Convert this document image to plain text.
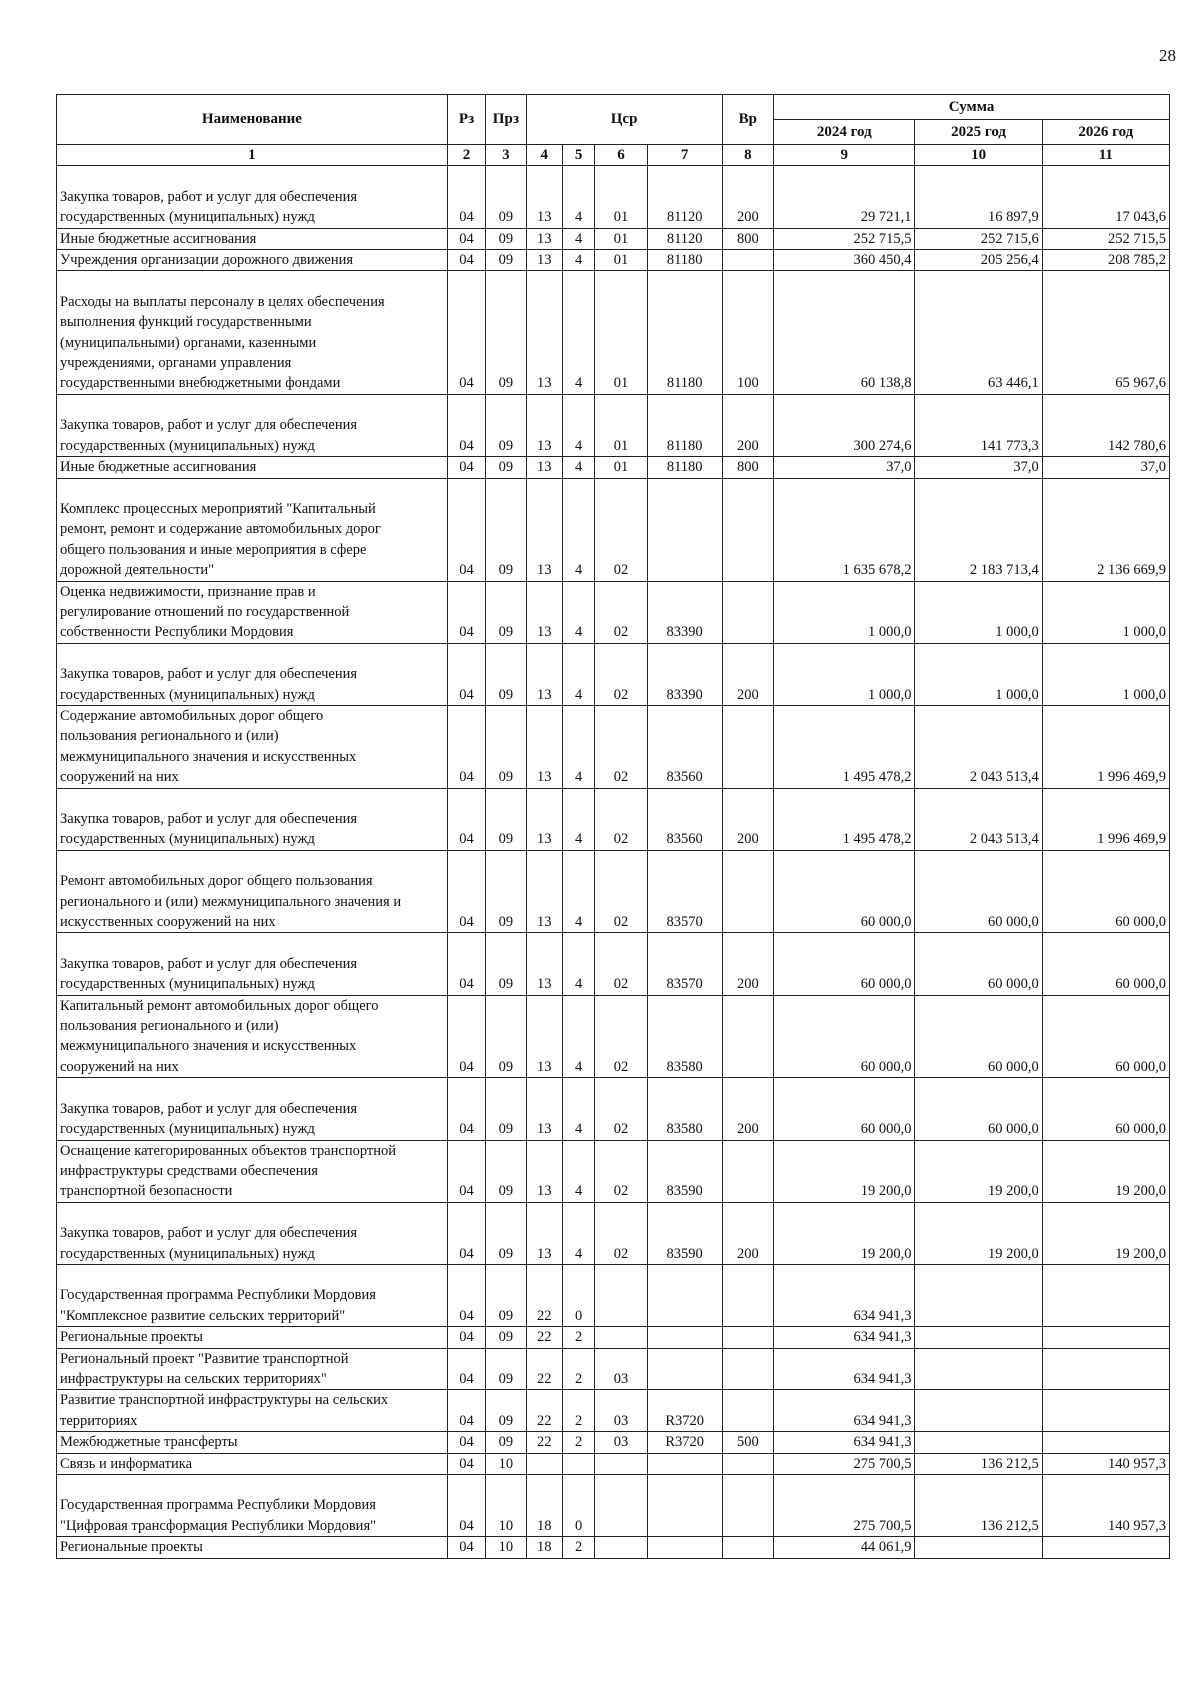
28
Наименование	Рз	Прз	Цср				Вр	Сумма		
								2024 год	2025 год	2026 год
1	2	3	4	5	6	7	8	9	10	11

Закупка товаров, работ и услуг для обеспечения
государственных (муниципальных) нужд	04	09	13	4	01	81120	200	29 721,1	16 897,9	17 043,6

Иные бюджетные ассигнования	04	09	13	4	01	81120	800	252 715,5	252 715,6	252 715,5

Учреждения организации дорожного движения	04	09	13	4	01	81180		360 450,4	205 256,4	208 785,2

Расходы на выплаты персоналу в целях обеспечения
выполнения функций государственными
(муниципальными) органами, казенными
учреждениями, органами управления
государственными внебюджетными фондами	04	09	13	4	01	81180	100	60 138,8	63 446,1	65 967,6

Закупка товаров, работ и услуг для обеспечения
государственных (муниципальных) нужд	04	09	13	4	01	81180	200	300 274,6	141 773,3	142 780,6

Иные бюджетные ассигнования	04	09	13	4	01	81180	800	37,0	37,0	37,0

Комплекс процессных мероприятий "Капитальный
ремонт, ремонт и содержание автомобильных дорог
общего пользования и иные мероприятия в сфере
дорожной деятельности"	04	09	13	4	02			1 635 678,2	2 183 713,4	2 136 669,9

Оценка недвижимости, признание прав и
регулирование отношений по государственной
собственности Республики Мордовия	04	09	13	4	02	83390		1 000,0	1 000,0	1 000,0

Закупка товаров, работ и услуг для обеспечения
государственных (муниципальных) нужд	04	09	13	4	02	83390	200	1 000,0	1 000,0	1 000,0

Содержание автомобильных дорог общего
пользования регионального и (или)
межмуниципального значения и искусственных
сооружений на них	04	09	13	4	02	83560		1 495 478,2	2 043 513,4	1 996 469,9

Закупка товаров, работ и услуг для обеспечения
государственных (муниципальных) нужд	04	09	13	4	02	83560	200	1 495 478,2	2 043 513,4	1 996 469,9

Ремонт автомобильных дорог общего пользования
регионального и (или) межмуниципального значения и
искусственных сооружений на них	04	09	13	4	02	83570		60 000,0	60 000,0	60 000,0

Закупка товаров, работ и услуг для обеспечения
государственных (муниципальных) нужд	04	09	13	4	02	83570	200	60 000,0	60 000,0	60 000,0

Капитальный ремонт автомобильных дорог общего
пользования регионального и (или)
межмуниципального значения и искусственных
сооружений на них	04	09	13	4	02	83580		60 000,0	60 000,0	60 000,0

Закупка товаров, работ и услуг для обеспечения
государственных (муниципальных) нужд	04	09	13	4	02	83580	200	60 000,0	60 000,0	60 000,0

Оснащение категорированных объектов транспортной
инфраструктуры средствами обеспечения
транспортной безопасности	04	09	13	4	02	83590		19 200,0	19 200,0	19 200,0

Закупка товаров, работ и услуг для обеспечения
государственных (муниципальных) нужд	04	09	13	4	02	83590	200	19 200,0	19 200,0	19 200,0

Государственная программа Республики Мордовия
"Комплексное развитие сельских территорий"	04	09	22	0				634 941,3		

Региональные проекты	04	09	22	2				634 941,3		

Региональный проект "Развитие транспортной
инфраструктуры на сельских территориях"	04	09	22	2	03			634 941,3		

Развитие транспортной инфраструктуры на сельских
территориях	04	09	22	2	03	R3720		634 941,3		

Межбюджетные трансферты	04	09	22	2	03	R3720	500	634 941,3		

Связь и информатика	04	10						275 700,5	136 212,5	140 957,3

Государственная программа Республики Мордовия
"Цифровая трансформация Республики Мордовия"	04	10	18	0				275 700,5	136 212,5	140 957,3

Региональные проекты	04	10	18	2				44 061,9		
